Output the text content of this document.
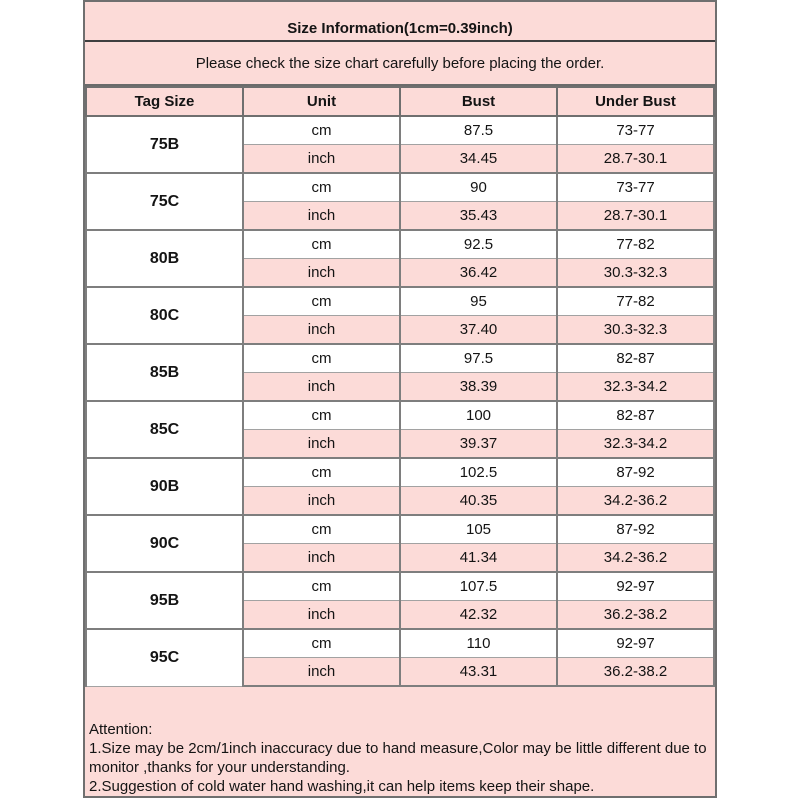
Size Information(1cm=0.39inch)
Please check the size chart carefully before placing the order.
Tag Size	Unit	Bust	Under Bust
75B	cm	87.5	73-77
	inch	34.45	28.7-30.1
75C	cm	90	73-77
	inch	35.43	28.7-30.1
80B	cm	92.5	77-82
	inch	36.42	30.3-32.3
80C	cm	95	77-82
	inch	37.40	30.3-32.3
85B	cm	97.5	82-87
	inch	38.39	32.3-34.2
85C	cm	100	82-87
	inch	39.37	32.3-34.2
90B	cm	102.5	87-92
	inch	40.35	34.2-36.2
90C	cm	105	87-92
	inch	41.34	34.2-36.2
95B	cm	107.5	92-97
	inch	42.32	36.2-38.2
95C	cm	110	92-97
	inch	43.31	36.2-38.2

Attention:

1.Size may be 2cm/1inch inaccuracy due to hand measure,Color may be little different due to monitor ,thanks for your understanding.

2.Suggestion of cold water hand washing,it can help items keep their shape.
